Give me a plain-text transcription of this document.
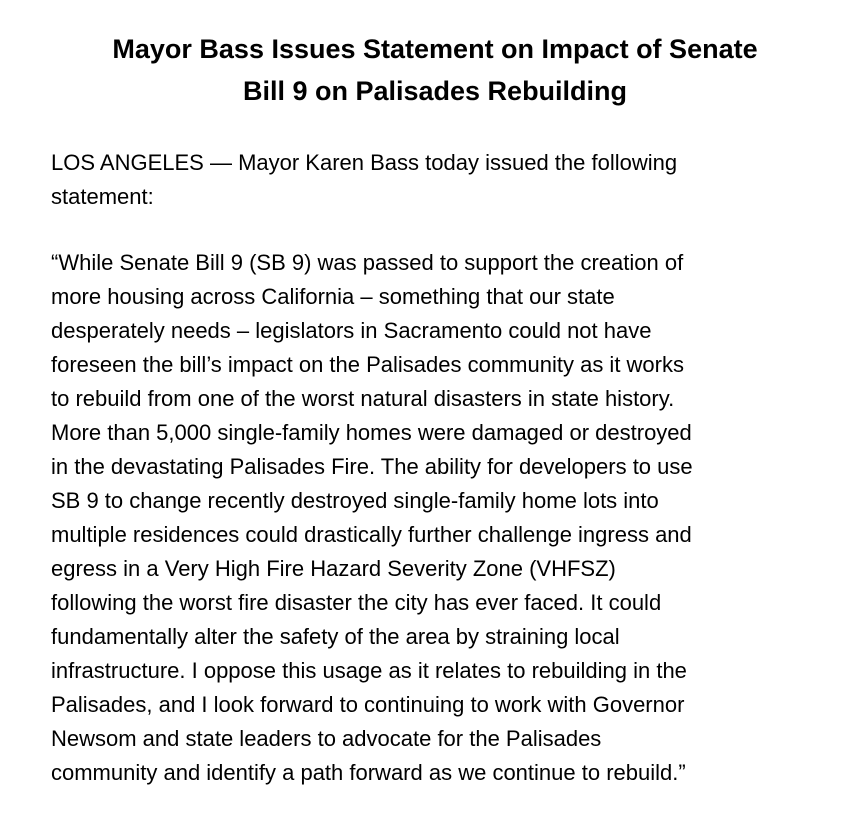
Mayor Bass Issues Statement on Impact of Senate
Bill 9 on Palisades Rebuilding

LOS ANGELES — Mayor Karen Bass today issued the following
statement:

“While Senate Bill 9 (SB 9) was passed to support the creation of
more housing across California – something that our state
desperately needs – legislators in Sacramento could not have
foreseen the bill’s impact on the Palisades community as it works
to rebuild from one of the worst natural disasters in state history.
More than 5,000 single-family homes were damaged or destroyed
in the devastating Palisades Fire. The ability for developers to use
SB 9 to change recently destroyed single-family home lots into
multiple residences could drastically further challenge ingress and
egress in a Very High Fire Hazard Severity Zone (VHFSZ)
following the worst fire disaster the city has ever faced. It could
fundamentally alter the safety of the area by straining local
infrastructure. I oppose this usage as it relates to rebuilding in the
Palisades, and I look forward to continuing to work with Governor
Newsom and state leaders to advocate for the Palisades
community and identify a path forward as we continue to rebuild.”
